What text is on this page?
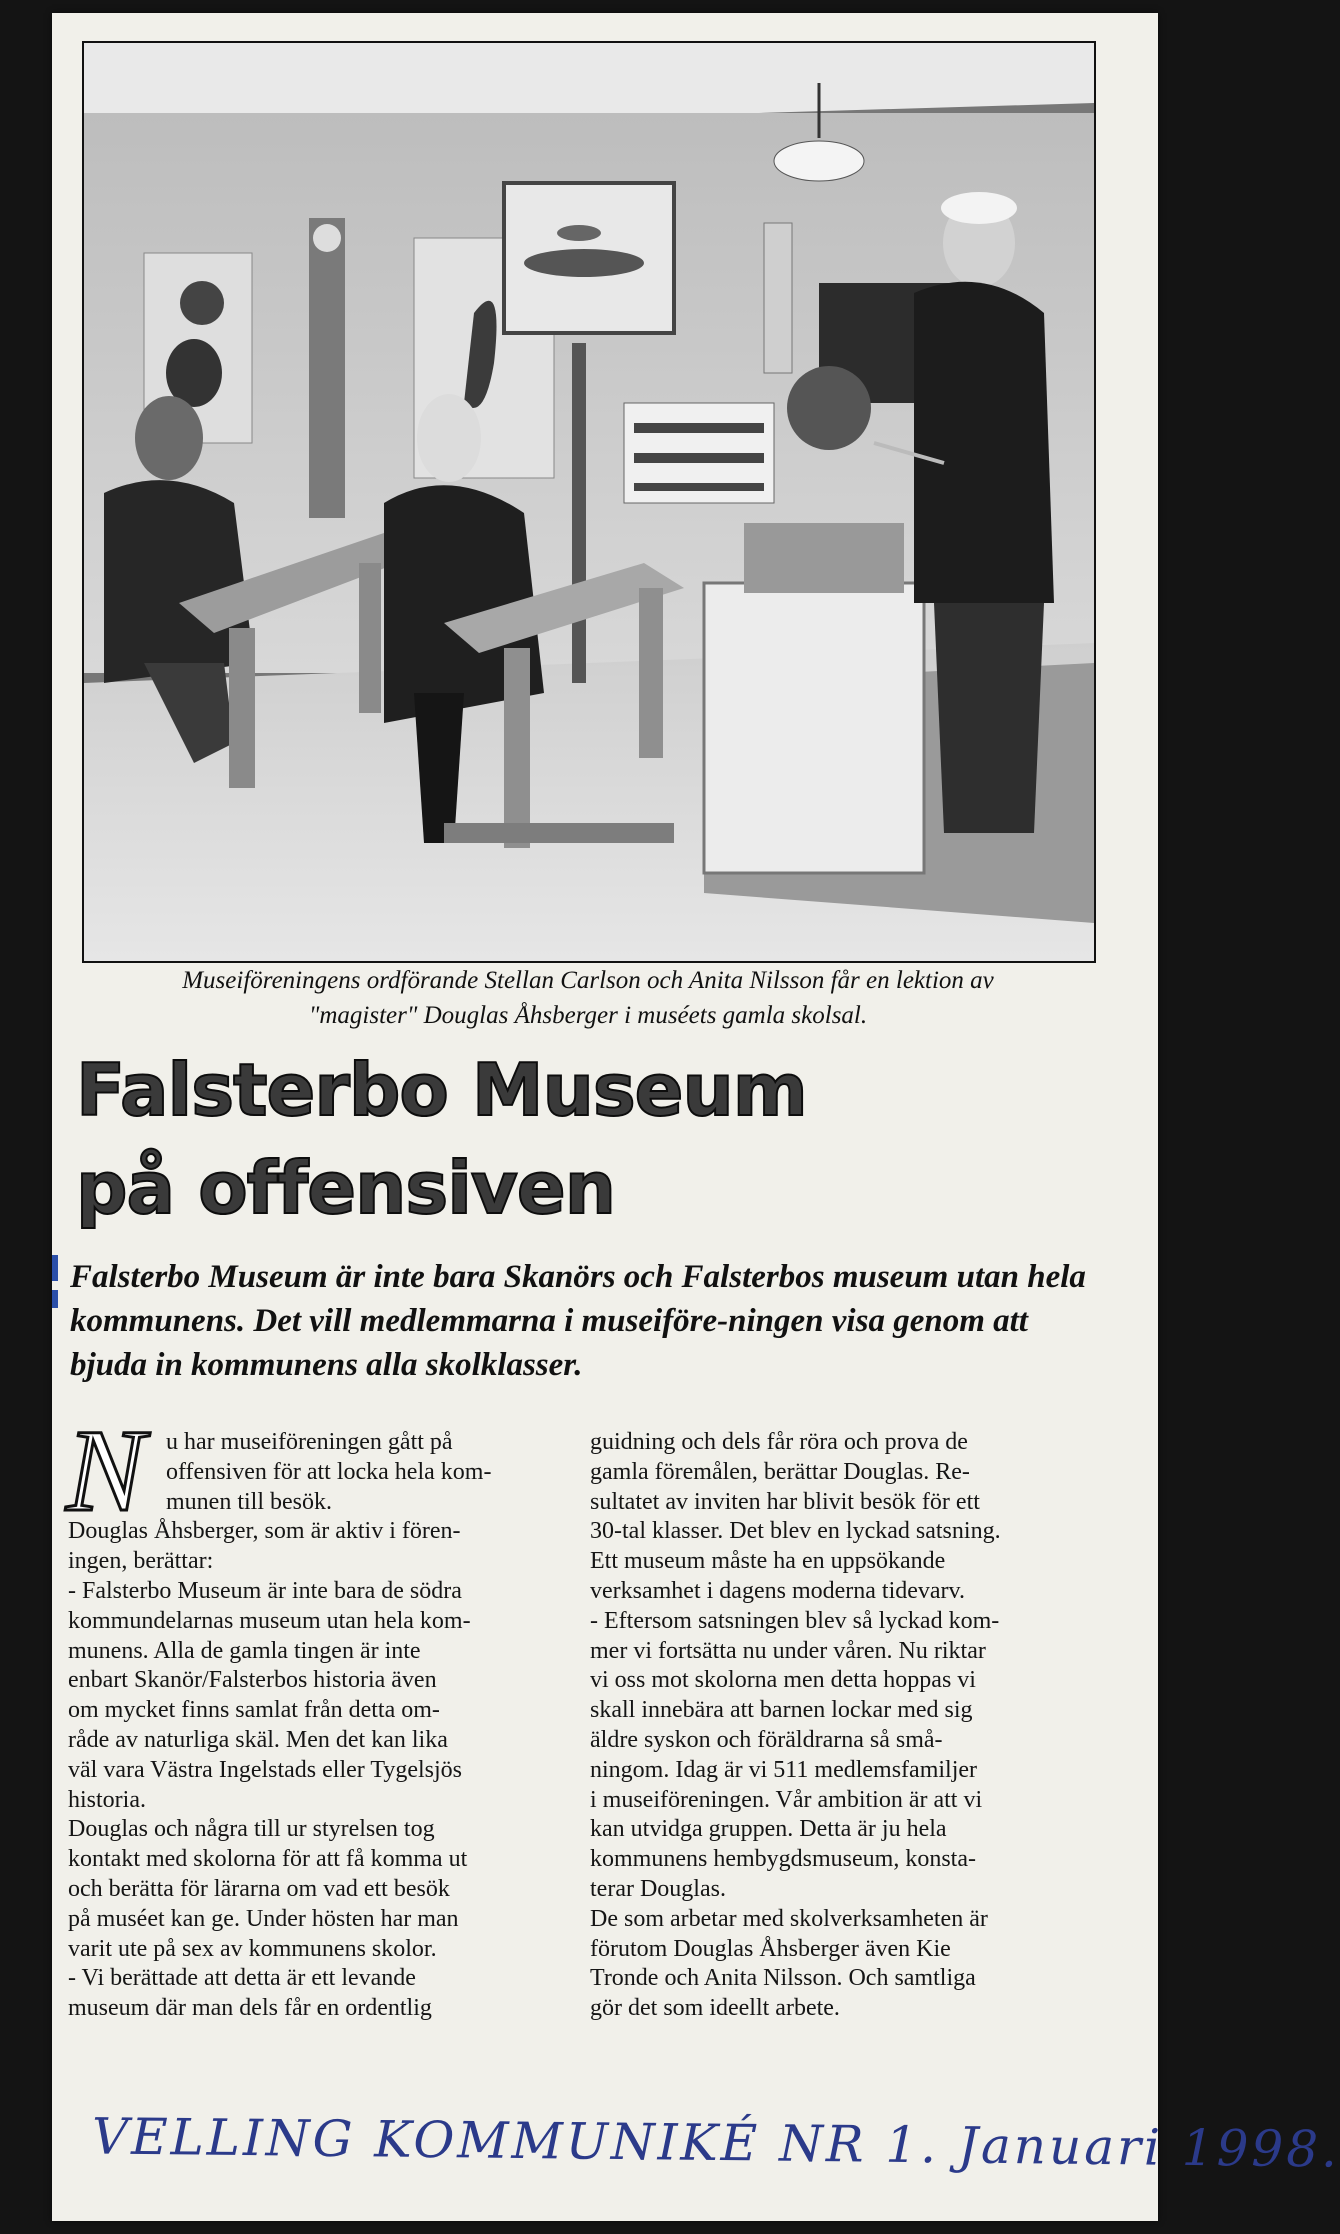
Museiföreningens ordförande Stellan Carlson och Anita Nilsson får en lektion av
"magister" Douglas Åhsberger i muséets gamla skolsal.
Falsterbo Museum
på offensiven
Falsterbo Museum är inte bara Skanörs och Falsterbos museum utan hela kommunens. Det vill medlemmarna i museiföre-ningen visa genom att bjuda in kommunens alla skolklasser.
N u har museiföreningen gått på
offensiven för att locka hela kom-
munen till besök.
Douglas Åhsberger, som är aktiv i fören-
ingen, berättar:
- Falsterbo Museum är inte bara de södra
kommundelarnas museum utan hela kom-
munens. Alla de gamla tingen är inte
enbart Skanör/Falsterbos historia även
om mycket finns samlat från detta om-
råde av naturliga skäl. Men det kan lika
väl vara Västra Ingelstads eller Tygelsjös
historia.
Douglas och några till ur styrelsen tog
kontakt med skolorna för att få komma ut
och berätta för lärarna om vad ett besök
på muséet kan ge. Under hösten har man
varit ute på sex av kommunens skolor.
- Vi berättade att detta är ett levande
museum där man dels får en ordentlig
guidning och dels får röra och prova de
gamla föremålen, berättar Douglas. Re-
sultatet av inviten har blivit besök för ett
30-tal klasser. Det blev en lyckad satsning.
Ett museum måste ha en uppsökande
verksamhet i dagens moderna tidevarv.
- Eftersom satsningen blev så lyckad kom-
mer vi fortsätta nu under våren. Nu riktar
vi oss mot skolorna men detta hoppas vi
skall innebära att barnen lockar med sig
äldre syskon och föräldrarna så små-
ningom. Idag är vi 511 medlemsfamiljer
i museiföreningen. Vår ambition är att vi
kan utvidga gruppen. Detta är ju hela
kommunens hembygdsmuseum, konsta-
terar Douglas.
De som arbetar med skolverksamheten är
förutom Douglas Åhsberger även Kie
Tronde och Anita Nilsson. Och samtliga
gör det som ideellt arbete.
VELLING KOMMUNIKÉ NR 1. Januari 1998.
